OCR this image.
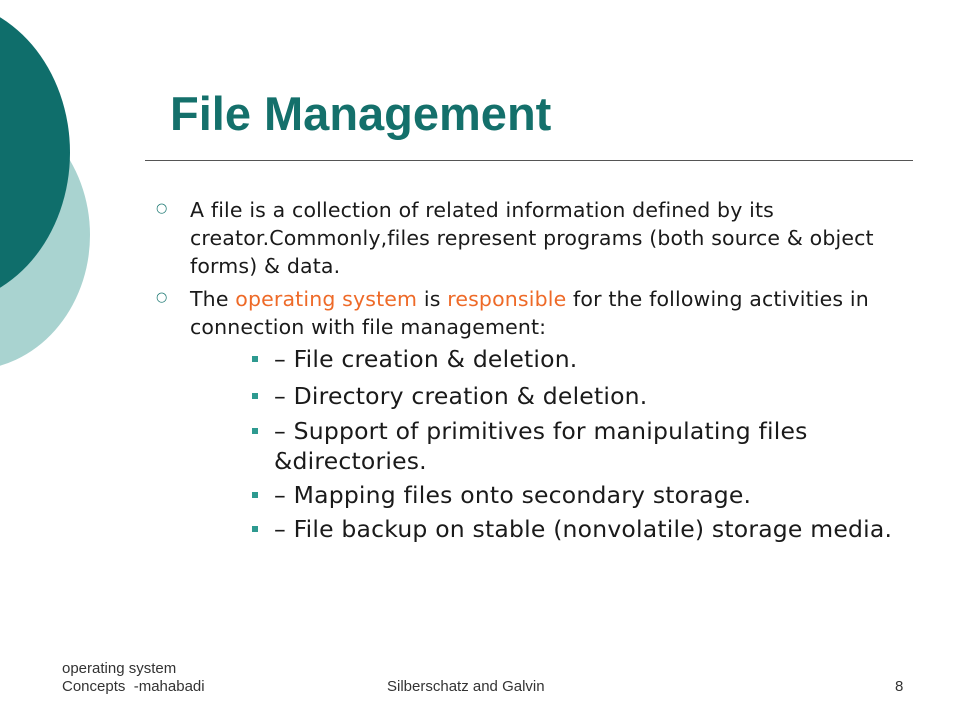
File Management
○ A file is a collection of related information defined by its creator.Commonly,files represent programs (both source & object forms) & data.
○ The operating system is responsible for the following activities in connection with file management:
– File creation & deletion.
– Directory creation & deletion.
– Support of primitives for manipulating files &directories.
– Mapping files onto secondary storage.
– File backup on stable (nonvolatile) storage media.
operating system
Concepts  -mahabadi	Silberschatz and Galvin	8
